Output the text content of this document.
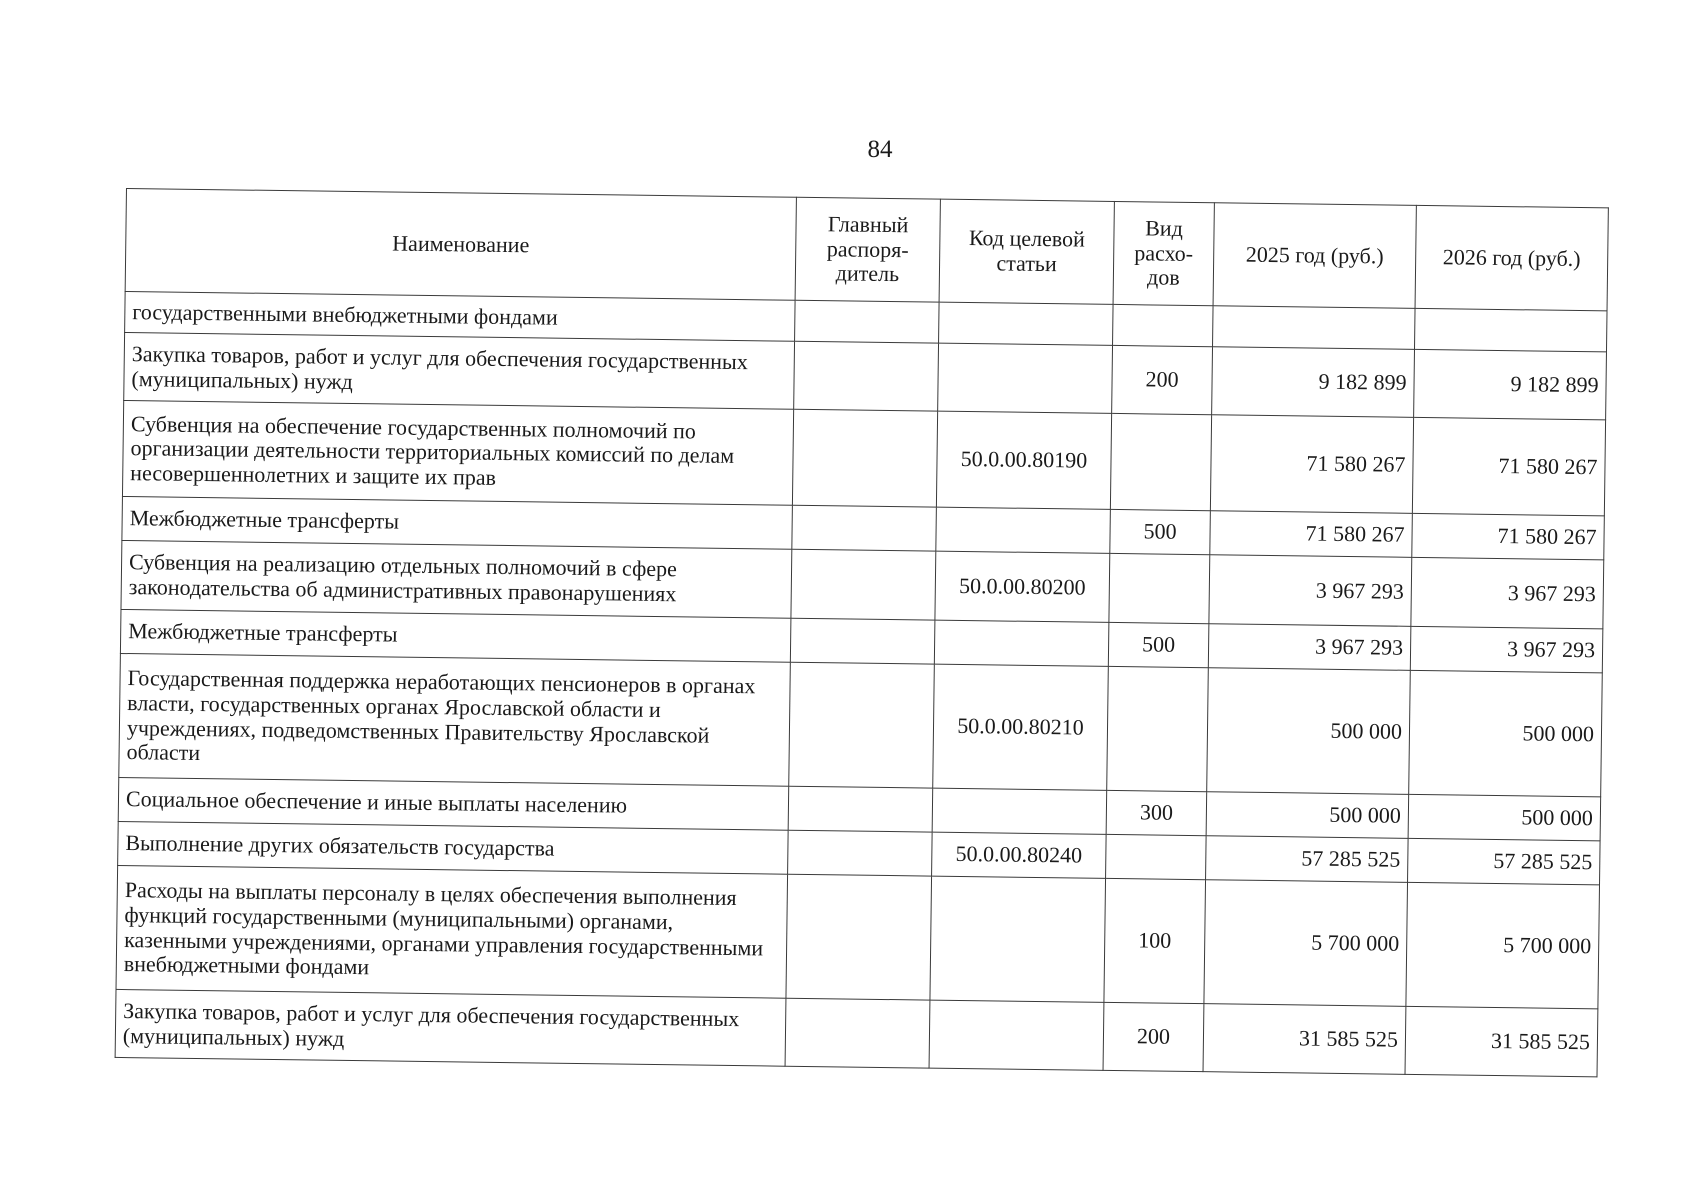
84
Наименование	Главный распоря-дитель	Код целевой статьи	Вид расхо-дов	2025 год (руб.)	2026 год (руб.)
государственными внебюджетными фондами					
Закупка товаров, работ и услуг для обеспечения государственных (муниципальных) нужд			200	9 182 899	9 182 899
Субвенция на обеспечение государственных полномочий по организации деятельности территориальных комиссий по делам несовершеннолетних и защите их прав		50.0.00.80190		71 580 267	71 580 267
Межбюджетные трансферты			500	71 580 267	71 580 267
Субвенция на реализацию отдельных полномочий в сфере законодательства об административных правонарушениях		50.0.00.80200		3 967 293	3 967 293
Межбюджетные трансферты			500	3 967 293	3 967 293
Государственная поддержка неработающих пенсионеров в органах власти, государственных органах Ярославской области и учреждениях, подведомственных Правительству Ярославской области		50.0.00.80210		500 000	500 000
Социальное обеспечение и иные выплаты населению			300	500 000	500 000
Выполнение других обязательств государства		50.0.00.80240		57 285 525	57 285 525
Расходы на выплаты персоналу в целях обеспечения выполнения функций государственными (муниципальными) органами, казенными учреждениями, органами управления государственными внебюджетными фондами			100	5 700 000	5 700 000
Закупка товаров, работ и услуг для обеспечения государственных (муниципальных) нужд			200	31 585 525	31 585 525
